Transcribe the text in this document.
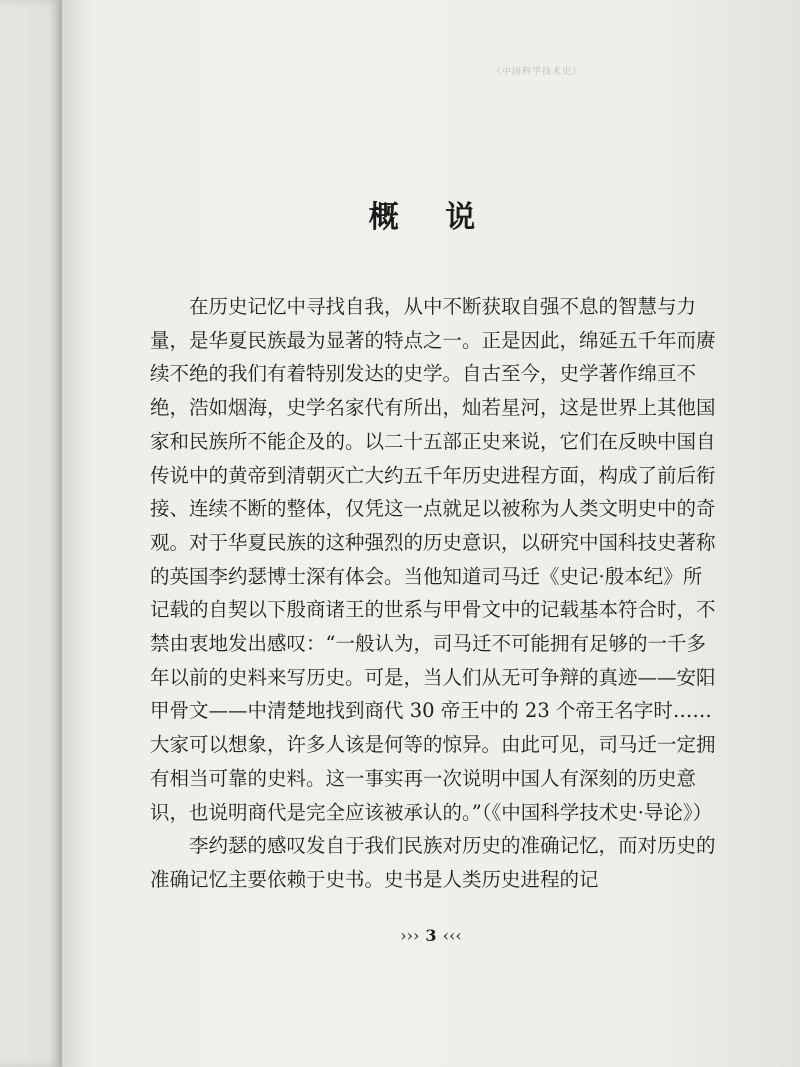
《中国科学技术史》
概 说

在历史记忆中寻找自我，从中不断获取自强不息的智慧与力量，是华夏民族最为显著的特点之一。正是因此，绵延五千年而赓续不绝的我们有着特别发达的史学。自古至今，史学著作绵亘不绝，浩如烟海，史学名家代有所出，灿若星河，这是世界上其他国家和民族所不能企及的。以二十五部正史来说，它们在反映中国自传说中的黄帝到清朝灭亡大约五千年历史进程方面，构成了前后衔接、连续不断的整体，仅凭这一点就足以被称为人类文明史中的奇观。对于华夏民族的这种强烈的历史意识，以研究中国科技史著称的英国李约瑟博士深有体会。当他知道司马迁《史记·殷本纪》所记载的自契以下殷商诸王的世系与甲骨文中的记载基本符合时，不禁由衷地发出感叹：“一般认为，司马迁不可能拥有足够的一千多年以前的史料来写历史。可是，当人们从无可争辩的真迹——安阳甲骨文——中清楚地找到商代 30 帝王中的 23 个帝王名字时……大家可以想象，许多人该是何等的惊异。由此可见，司马迁一定拥有相当可靠的史料。这一事实再一次说明中国人有深刻的历史意识，也说明商代是完全应该被承认的。”（《中国科学技术史·导论》）

李约瑟的感叹发自于我们民族对历史的准确记忆，而对历史的准确记忆主要依赖于史书。史书是人类历史进程的记

››› 3 ‹‹‹
